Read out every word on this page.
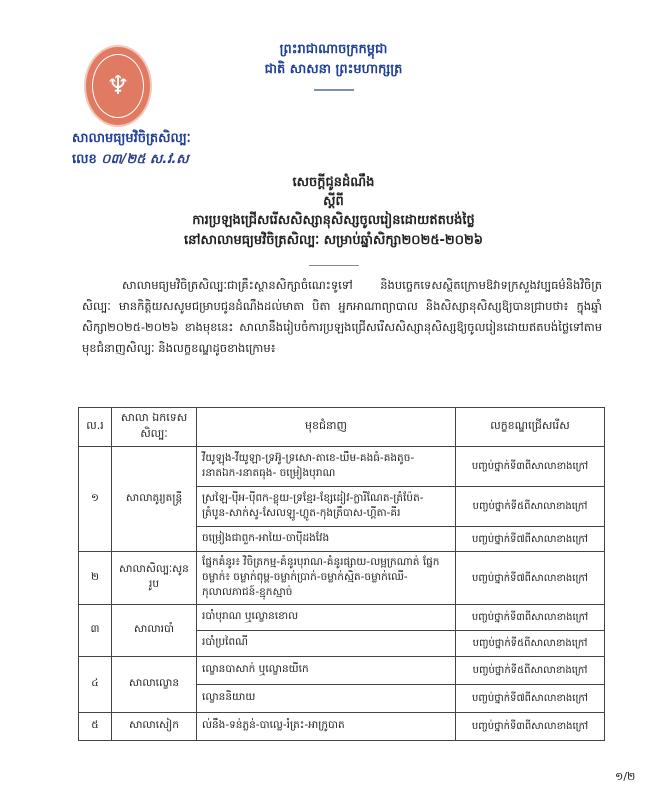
♆
ព្រះរាជាណាចក្រកម្ពុជា
ជាតិ សាសនា ព្រះមហាក្សត្រ
សាលាមធ្យមវិចិត្រសិល្បៈ
លេខ ០៣/២៥ ស.វ.ស
សេចក្តីជូនដំណឹង
ស្តីពី
ការប្រឡងជ្រើសរើសសិស្សានុសិស្សចូលរៀនដោយឥតបង់ថ្លៃ
នៅសាលាមធ្យមវិចិត្រសិល្បៈ សម្រាប់ឆ្នាំសិក្សា២០២៥-២០២៦
សាលាមធ្យមវិចិត្រសិល្បៈជាគ្រឹះស្ថានសិក្សាចំណេះទូទៅ និងបច្ចេកទេសស្ថិតក្រោមឱវាទក្រសួងវប្បធម៌និងវិចិត្រសិល្បៈ មានកិត្តិយសសូមជម្រាបជូនដំណឹងដល់មាតា បិតា អ្នកអាណាព្យាបាល និងសិស្សានុសិស្សឱ្យបានជ្រាបថា៖ ក្នុងឆ្នាំសិក្សា២០២៥-២០២៦ ខាងមុខនេះ សាលានឹងរៀបចំការប្រឡងជ្រើសរើសសិស្សានុសិស្សឱ្យចូលរៀនដោយឥតបង់ថ្លៃទៅតាមមុខជំនាញសិល្បៈ និងលក្ខខណ្ឌដូចខាងក្រោម៖
ល.រ	សាលា ឯកទេសសិល្បៈ	មុខជំនាញ	លក្ខខណ្ឌជ្រើសរើស
១	សាលាតូរ្យតន្ត្រី	វីយូឡុង-វីយូឡា-ទ្រអ៊ូ-ទ្រសោ-តាខេ-ឃឹម-គងធំ-គងតូច-រនាតឯក-រនាតធុង- ចម្រៀងបុរាណ	បញ្ចប់ថ្នាក់ទី៣ពីសាលាខាងក្រៅ
		ស្រឡៃ-ប៉ីអ-ប៉ីពក-ខ្លុយ-ទ្រខ្មែរ-ខ្សែដៀវ-ក្លារីណែត-ត្រំប៉ែត-ត្រំបូន-សាក់សូ-សែលឡូ-ហ្លូត-កុងត្រឹបាស-ហ្គីតា-គីរ	បញ្ចប់ថ្នាក់ទី៥ពីសាលាខាងក្រៅ
		ចម្រៀងជាពួក-អាយៃ-ចាប៉ីដងវែង	បញ្ចប់ថ្នាក់ទី៧ពីសាលាខាងក្រៅ
២	សាលាសិល្បៈសូនរូប	ផ្នែកគំនូរ៖ វិចិត្រកម្ម-គំនូរបុរាណ-គំនូរផ្សាយ-លម្អក្រណាត់ ផ្នែកចម្លាក់៖ ចម្លាក់ពុម្ព-ចម្លាក់ប្រាក់-ចម្លាក់ស្មិត-ចម្លាក់ឈើ-កុលាលភាជន៍-ខ្មុកស្មាច់	បញ្ចប់ថ្នាក់ទី៧ពីសាលាខាងក្រៅ
៣	សាលារបាំ	របាំបុរាណ ឬល្ខោនខោល	បញ្ចប់ថ្នាក់ទី៣ពីសាលាខាងក្រៅ
		របាំប្រពៃណី	បញ្ចប់ថ្នាក់ទី៥ពីសាលាខាងក្រៅ
៤	សាលាល្ខោន	ល្ខោនបាសាក់ ឬល្ខោនយីកេ	បញ្ចប់ថ្នាក់ទី៥ពីសាលាខាងក្រៅ
		ល្ខោននិយាយ	បញ្ចប់ថ្នាក់ទី៧ពីសាលាខាងក្រៅ
៥	សាលាសៀក	ល់នឹង-ទន់ភ្លន់-បាល្លេ-រំត្រះ-អាក្រូបាត	បញ្ចប់ថ្នាក់ទី៣ពីសាលាខាងក្រៅ
១/២
